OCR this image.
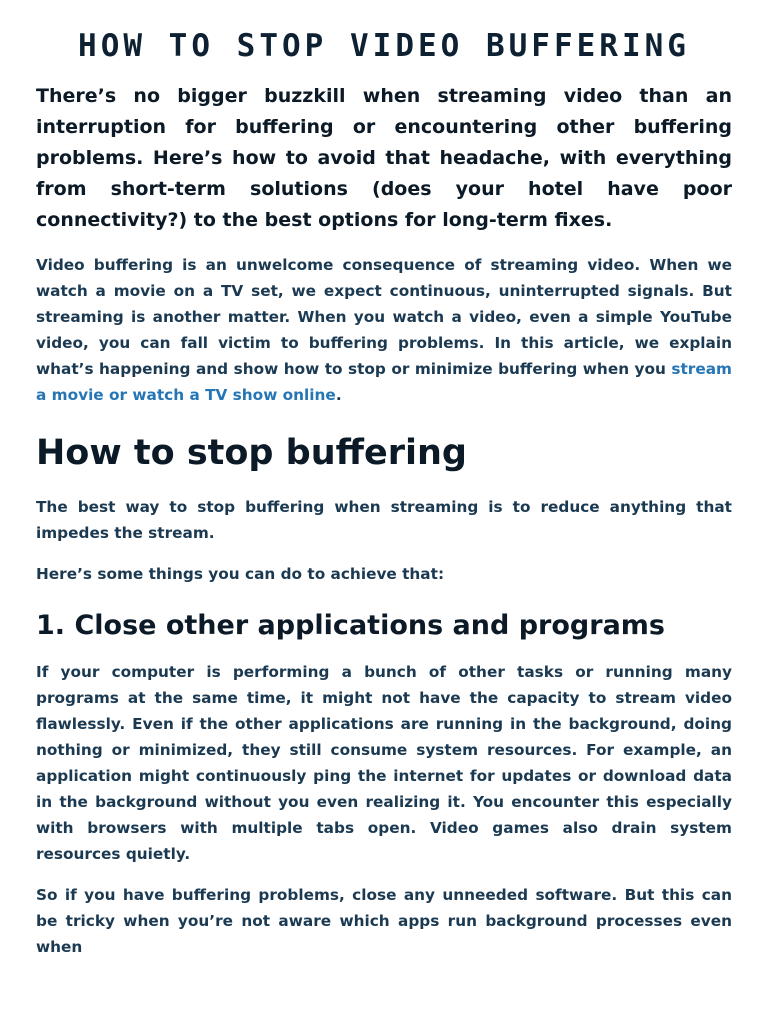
HOW TO STOP VIDEO BUFFERING

There’s no bigger buzzkill when streaming video than an interruption for buffering or encountering other buffering problems. Here’s how to avoid that headache, with everything from short-term solutions (does your hotel have poor connectivity?) to the best options for long-term fixes.

Video buffering is an unwelcome consequence of streaming video. When we watch a movie on a TV set, we expect continuous, uninterrupted signals. But streaming is another matter. When you watch a video, even a simple YouTube video, you can fall victim to buffering problems. In this article, we explain what’s happening and show how to stop or minimize buffering when you stream a movie or watch a TV show online.

How to stop buffering

The best way to stop buffering when streaming is to reduce anything that impedes the stream.

Here’s some things you can do to achieve that:

1. Close other applications and programs

If your computer is performing a bunch of other tasks or running many programs at the same time, it might not have the capacity to stream video flawlessly. Even if the other applications are running in the background, doing nothing or minimized, they still consume system resources. For example, an application might continuously ping the internet for updates or download data in the background without you even realizing it. You encounter this especially with browsers with multiple tabs open. Video games also drain system resources quietly.

So if you have buffering problems, close any unneeded software. But this can be tricky when you’re not aware which apps run background processes even when
